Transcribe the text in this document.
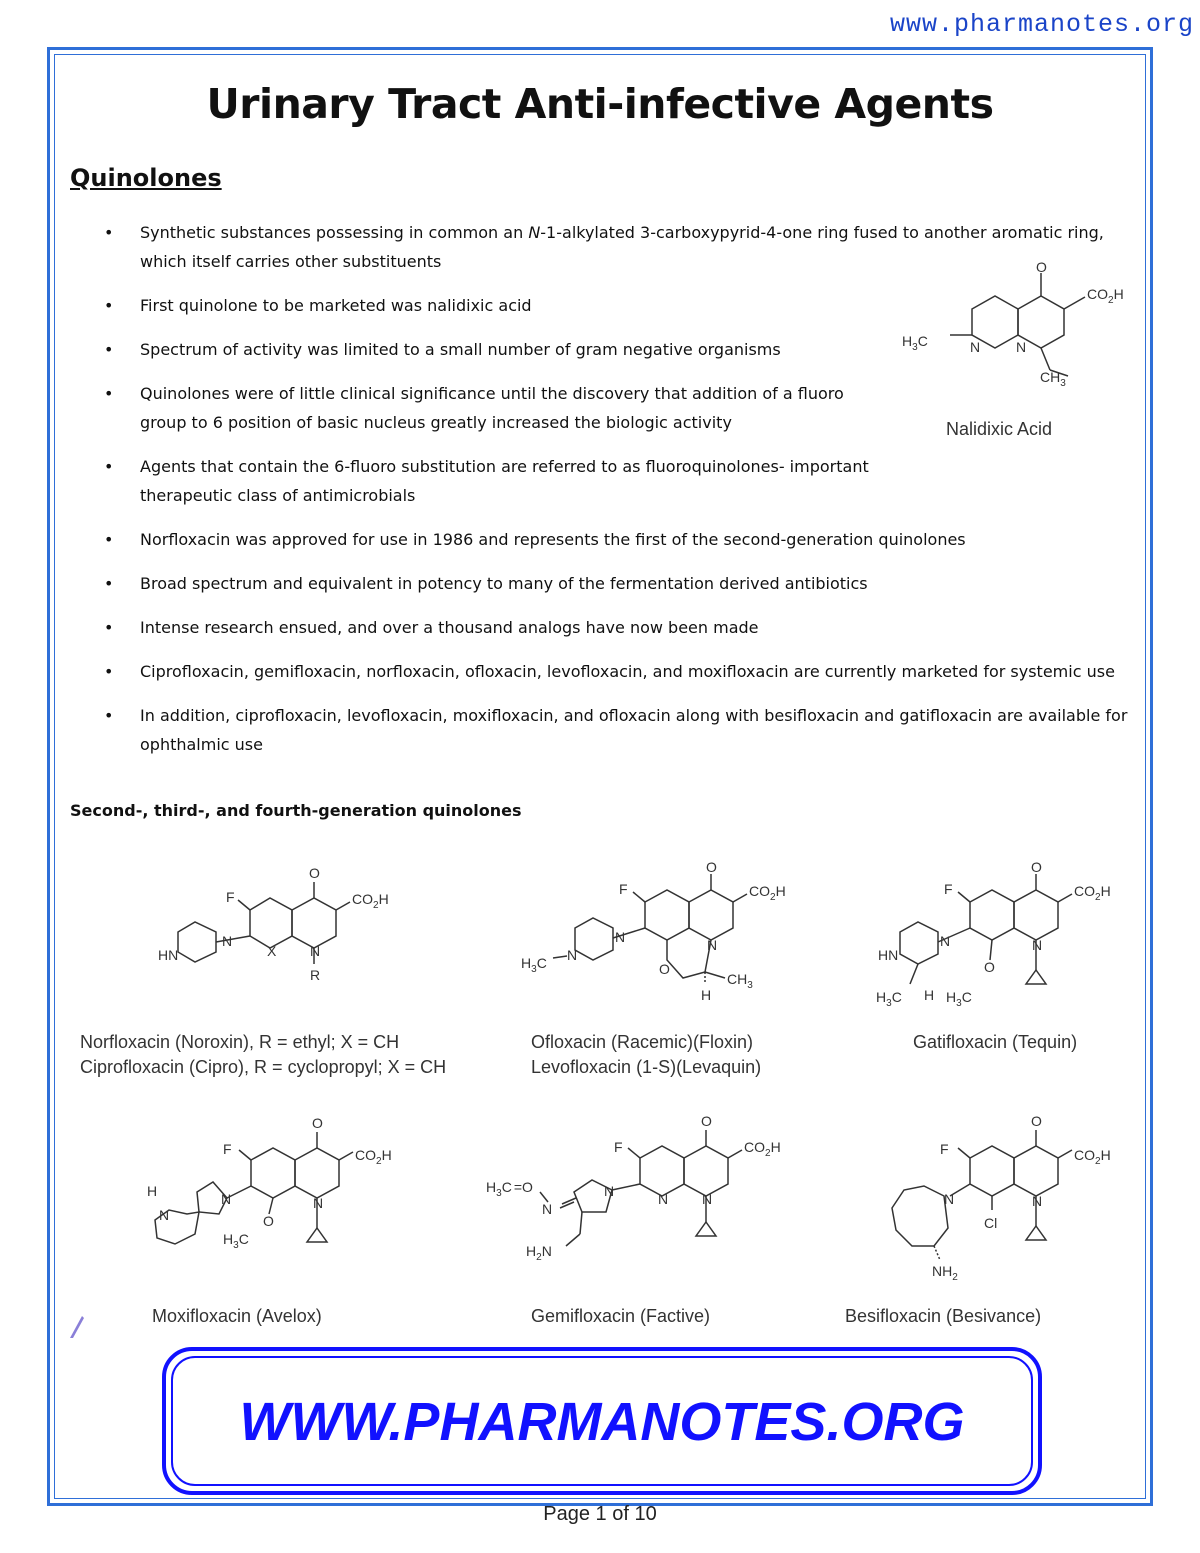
www.pharmanotes.org
Urinary Tract Anti-infective Agents
Quinolones
• Synthetic substances possessing in common an N-1-alkylated 3-carboxypyrid-4-one ring fused to another aromatic ring, which itself carries other substituents
• First quinolone to be marketed was nalidixic acid
• Spectrum of activity was limited to a small number of gram negative organisms
• Quinolones were of little clinical significance until the discovery that addition of a fluoro group to 6 position of basic nucleus greatly increased the biologic activity
• Agents that contain the 6-fluoro substitution are referred to as fluoroquinolones- important therapeutic class of antimicrobials
• Norfloxacin was approved for use in 1986 and represents the first of the second-generation quinolones
• Broad spectrum and equivalent in potency to many of the fermentation derived antibiotics
• Intense research ensued, and over a thousand analogs have now been made
• Ciprofloxacin, gemifloxacin, norfloxacin, ofloxacin, levofloxacin, and moxifloxacin are currently marketed for systemic use
• In addition, ciprofloxacin, levofloxacin, moxifloxacin, and ofloxacin along with besifloxacin and gatifloxacin are available for ophthalmic use
Second-, third-, and fourth-generation quinolones
O
$CO_2H$
$H_3C$	N	N
$CH_3$
Nalidixic Acid
O
$CO_2H$
F
HN
N
X N
R
Norfloxacin (Noroxin), R = ethyl; X = CH
Ciprofloxacin (Cipro), R = cyclopropyl; X = CH
O
$CO_2H$
F
N
N
$H_3C$
N
O
$CH_3$
H
Ofloxacin (Racemic)(Floxin)
Levofloxacin (1-S)(Levaquin)
O
$CO_2H$
F
N
HN
N
O
$H_3C$ H $H_3C$
Gatifloxacin (Tequin)
O
$CO_2H$
F
N
H
N
N
O
$H_3C$
Moxifloxacin (Avelox)
O
$CO_2H$
F
N	N N
N
$H_3C =O$
$H_2N$
Gemifloxacin (Factive)
O
$CO_2H$
F
N	N
Cl
$NH_2$
Besifloxacin (Besivance)
WWW.PHARMANOTES.ORG
Page 1 of 10
